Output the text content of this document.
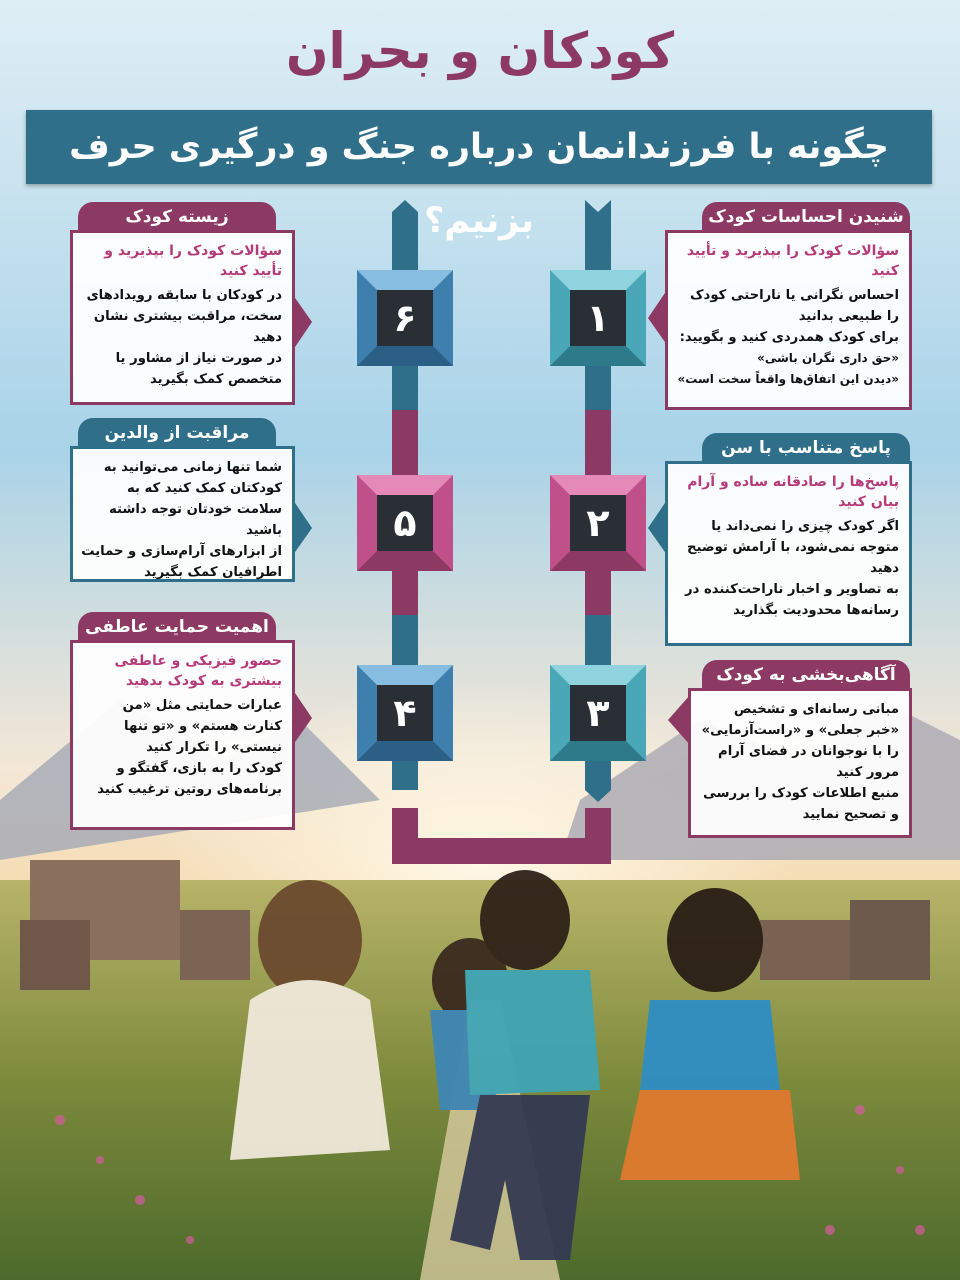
کودکان و بحران
چگونه با فرزندانمان درباره جنگ و درگیری حرف بزنیم؟
۱
۲
۳
۴
۵
۶
شنیدن احساسات کودک
سؤالات کودک را بپذیرید و تأیید کنید

احساس نگرانی یا ناراحتی کودک را طبیعی بدانید

برای کودک همدردی کنید و بگویید:

«حق داری نگران باشی»

«دیدن این اتفاق‌ها واقعاً سخت است»

پاسخ متناسب با سن
پاسخ‌ها را صادقانه ساده و آرام بیان کنید

اگر کودک چیزی را نمی‌داند یا متوجه نمی‌شود، با آرامش توضیح دهید

به تصاویر و اخبار ناراحت‌کننده در رسانه‌ها محدودیت بگذارید

آگاهی‌بخشی به کودک

مبانی رسانه‌ای و تشخیص «خبر جعلی» و «راست‌آزمایی» را با نوجوانان در فضای آرام مرور کنید

منبع اطلاعات کودک را بررسی و تصحیح نمایید

زیسته کودک
سؤالات کودک را بپذیرید و تأیید کنید

در کودکان با سابقه رویدادهای سخت، مراقبت بیشتری نشان دهید

در صورت نیاز از مشاور یا متخصص کمک بگیرید

مراقبت از والدین

شما تنها زمانی می‌توانید به کودکتان کمک کنید که به سلامت خودتان توجه داشته باشید

از ابزارهای آرام‌سازی و حمایت اطرافیان کمک بگیرید

اهمیت حمایت عاطفی
حضور فیزیکی و عاطفی بیشتری به کودک بدهید

عبارات حمایتی مثل «من کنارت هستم» و «تو تنها نیستی» را تکرار کنید

کودک را به بازی، گفتگو و برنامه‌های روتین ترغیب کنید
